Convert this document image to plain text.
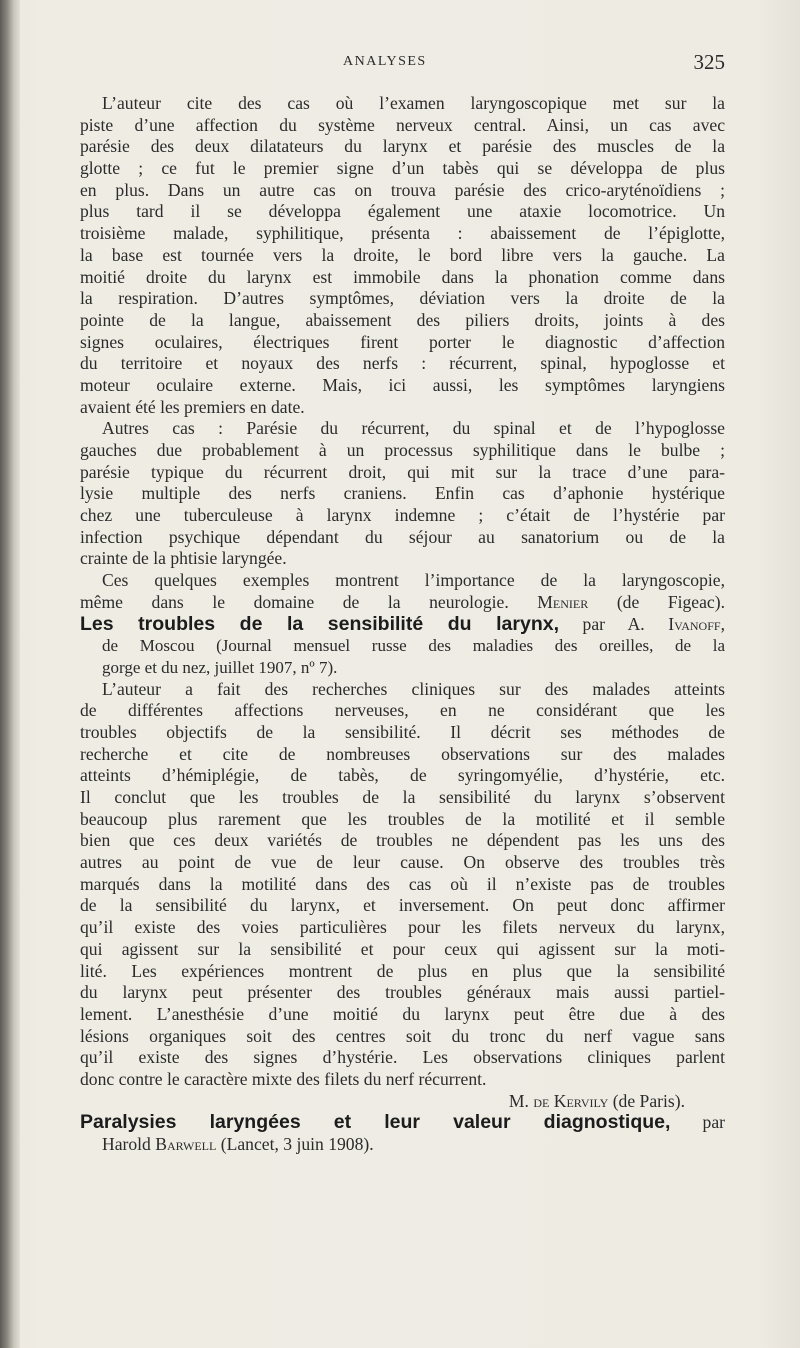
ANALYSES	325
L’auteur cite des cas où l’examen laryngoscopique met sur la
piste d’une affection du système nerveux central. Ainsi, un cas avec
parésie des deux dilatateurs du larynx et parésie des muscles de la
glotte ; ce fut le premier signe d’un tabès qui se développa de plus
en plus. Dans un autre cas on trouva parésie des crico-aryténoïdiens ;
plus tard il se développa également une ataxie locomotrice. Un
troisième malade, syphilitique, présenta : abaissement de l’épiglotte,
la base est tournée vers la droite, le bord libre vers la gauche. La
moitié droite du larynx est immobile dans la phonation comme dans
la respiration. D’autres symptômes, déviation vers la droite de la
pointe de la langue, abaissement des piliers droits, joints à des
signes oculaires, électriques firent porter le diagnostic d’affection
du territoire et noyaux des nerfs : récurrent, spinal, hypoglosse et
moteur oculaire externe. Mais, ici aussi, les symptômes laryngiens
avaient été les premiers en date.
Autres cas : Parésie du récurrent, du spinal et de l’hypoglosse
gauches due probablement à un processus syphilitique dans le bulbe ;
parésie typique du récurrent droit, qui mit sur la trace d’une para-
lysie multiple des nerfs craniens. Enfin cas d’aphonie hystérique
chez une tuberculeuse à larynx indemne ; c’était de l’hystérie par
infection psychique dépendant du séjour au sanatorium ou de la
crainte de la phtisie laryngée.
Ces quelques exemples montrent l’importance de la laryngoscopie,
même dans le domaine de la neurologie. Menier (de Figeac).
Les troubles de la sensibilité du larynx, par A. Ivanoff,
de Moscou (Journal mensuel russe des maladies des oreilles, de la
gorge et du nez, juillet 1907, nº 7).
L’auteur a fait des recherches cliniques sur des malades atteints
de différentes affections nerveuses, en ne considérant que les
troubles objectifs de la sensibilité. Il décrit ses méthodes de
recherche et cite de nombreuses observations sur des malades
atteints d’hémiplégie, de tabès, de syringomyélie, d’hystérie, etc.
Il conclut que les troubles de la sensibilité du larynx s’observent
beaucoup plus rarement que les troubles de la motilité et il semble
bien que ces deux variétés de troubles ne dépendent pas les uns des
autres au point de vue de leur cause. On observe des troubles très
marqués dans la motilité dans des cas où il n’existe pas de troubles
de la sensibilité du larynx, et inversement. On peut donc affirmer
qu’il existe des voies particulières pour les filets nerveux du larynx,
qui agissent sur la sensibilité et pour ceux qui agissent sur la moti-
lité. Les expériences montrent de plus en plus que la sensibilité
du larynx peut présenter des troubles généraux mais aussi partiel-
lement. L’anesthésie d’une moitié du larynx peut être due à des
lésions organiques soit des centres soit du tronc du nerf vague sans
qu’il existe des signes d’hystérie. Les observations cliniques parlent
donc contre le caractère mixte des filets du nerf récurrent.
M. de Kervily (de Paris).
Paralysies laryngées et leur valeur diagnostique, par
Harold Barwell (Lancet, 3 juin 1908).
